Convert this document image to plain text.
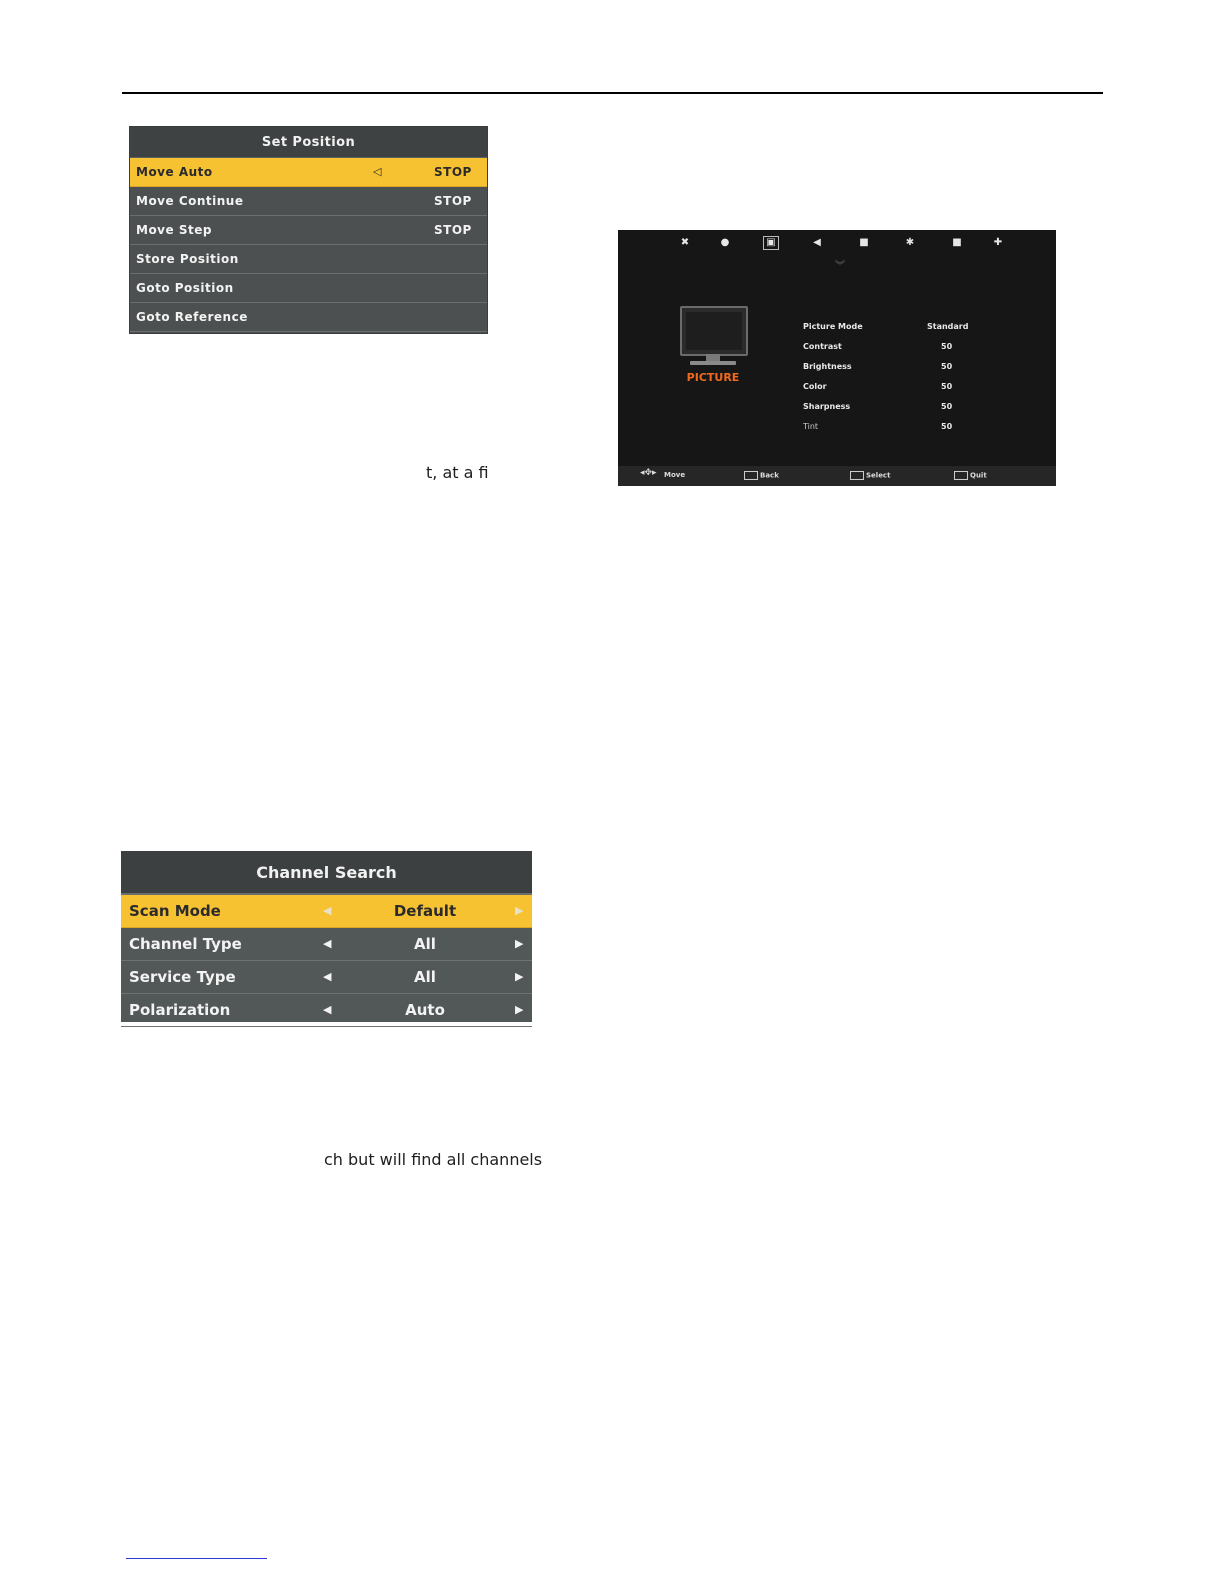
Set Position
Move Auto	◁	STOP
Move Continue	STOP
Move Step	STOP
Store Position
Goto Position
Goto Reference
✖	●	▣	◀	■	✱	■	✚
︾
PICTURE
Picture Mode	Standard
Contrast	50
Brightness	50
Color	50
Sharpness	50
Tint	50
◂✥▸ Move	Back	Select	Quit
t, at a fi
Channel Search
Scan Mode	◀	Default	▶
Channel Type	◀	All	▶
Service Type	◀	All	▶
Polarization	◀	Auto	▶
ch but will find all channels
